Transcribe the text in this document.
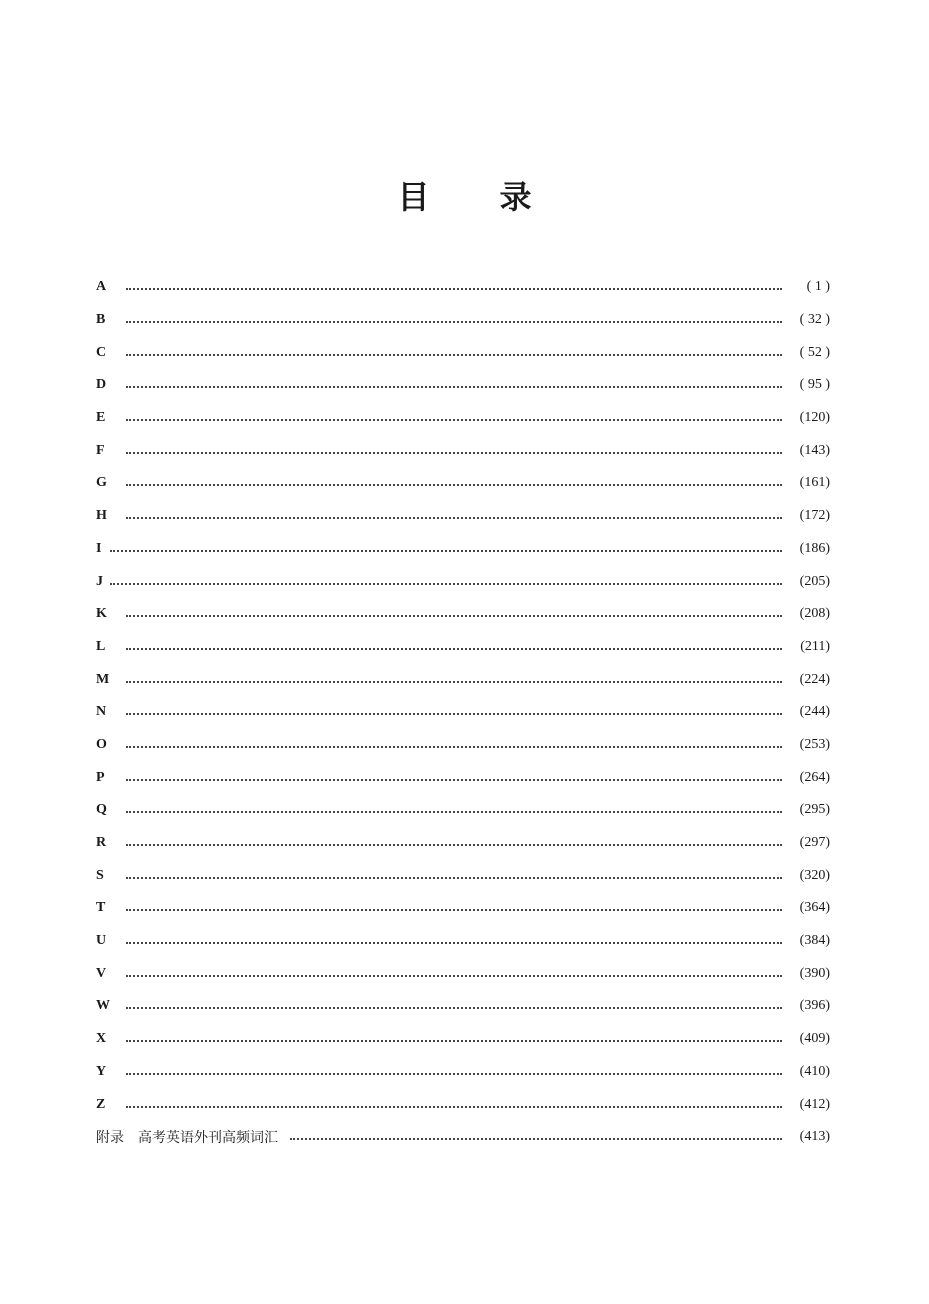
目 录
A	( 1 )
B	( 32 )
C	( 52 )
D	( 95 )
E	(120)
F	(143)
G	(161)
H	(172)
I	(186)
J	(205)
K	(208)
L	(211)
M	(224)
N	(244)
O	(253)
P	(264)
Q	(295)
R	(297)
S	(320)
T	(364)
U	(384)
V	(390)
W	(396)
X	(409)
Y	(410)
Z	(412)
附录　高考英语外刊高频词汇	(413)
